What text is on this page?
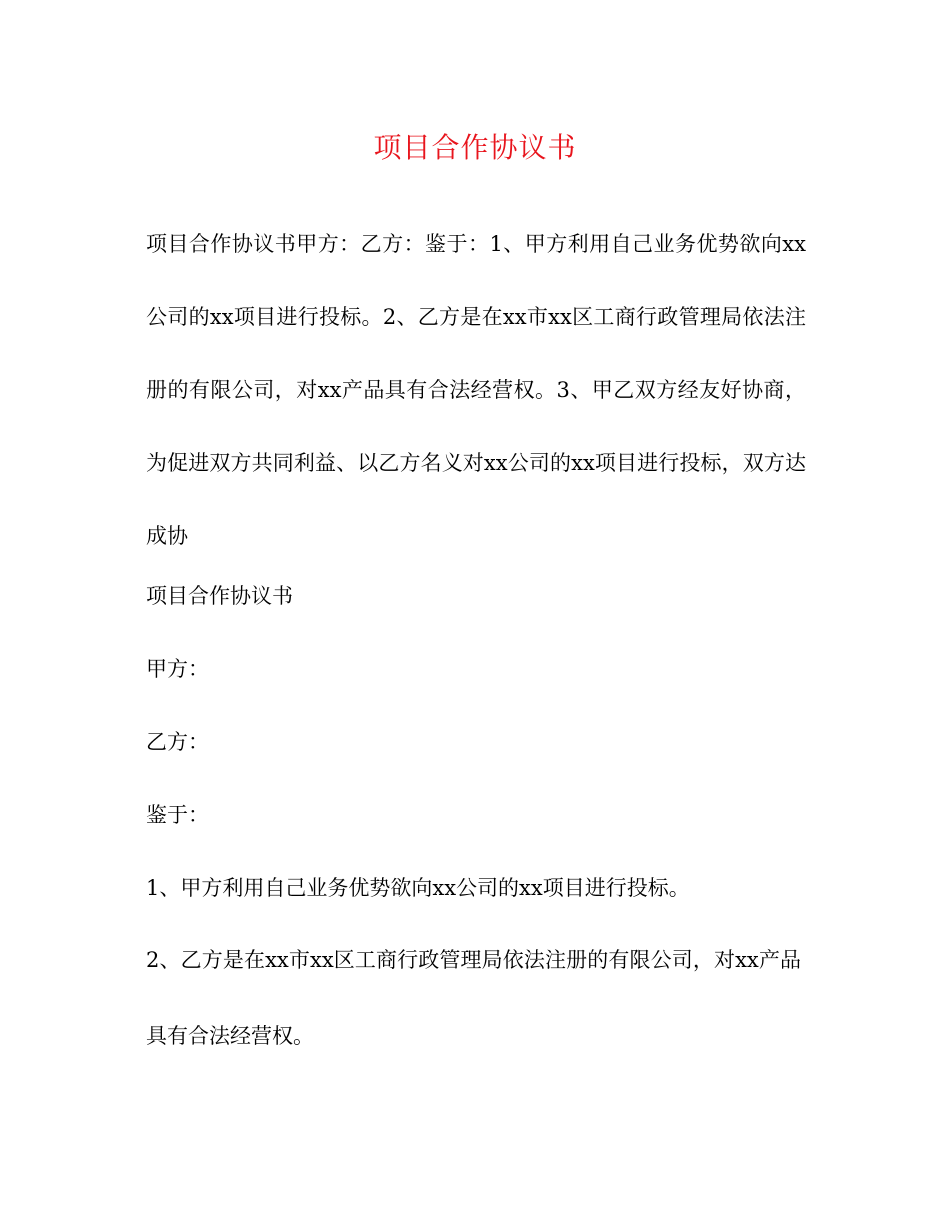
项目合作协议书

项目合作协议书甲方：乙方：鉴于：1、甲方利用自己业务优势欲向xx公司的xx项目进行投标。2、乙方是在xx市xx区工商行政管理局依法注册的有限公司，对xx产品具有合法经营权。3、甲乙双方经友好协商，为促进双方共同利益、以乙方名义对xx公司的xx项目进行投标，双方达成协

项目合作协议书

甲方：

乙方：

鉴于：

1、甲方利用自己业务优势欲向xx公司的xx项目进行投标。

2、乙方是在xx市xx区工商行政管理局依法注册的有限公司，对xx产品具有合法经营权。
